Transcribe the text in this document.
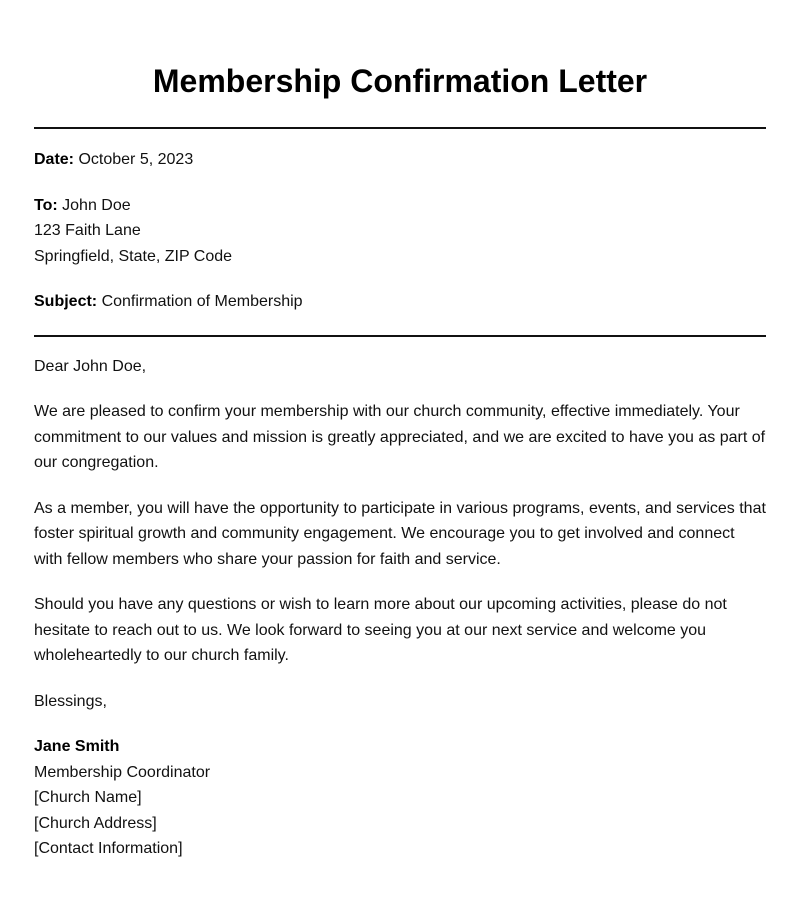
Membership Confirmation Letter

Date: October 5, 2023

To: John Doe

123 Faith Lane

Springfield, State, ZIP Code

Subject: Confirmation of Membership

Dear John Doe,

We are pleased to confirm your membership with our church community, effective immediately. Your commitment to our values and mission is greatly appreciated, and we are excited to have you as part of our congregation.

As a member, you will have the opportunity to participate in various programs, events, and services that foster spiritual growth and community engagement. We encourage you to get involved and connect with fellow members who share your passion for faith and service.

Should you have any questions or wish to learn more about our upcoming activities, please do not hesitate to reach out to us. We look forward to seeing you at our next service and welcome you wholeheartedly to our church family.

Blessings,

Jane Smith

Membership Coordinator

[Church Name]

[Church Address]

[Contact Information]
